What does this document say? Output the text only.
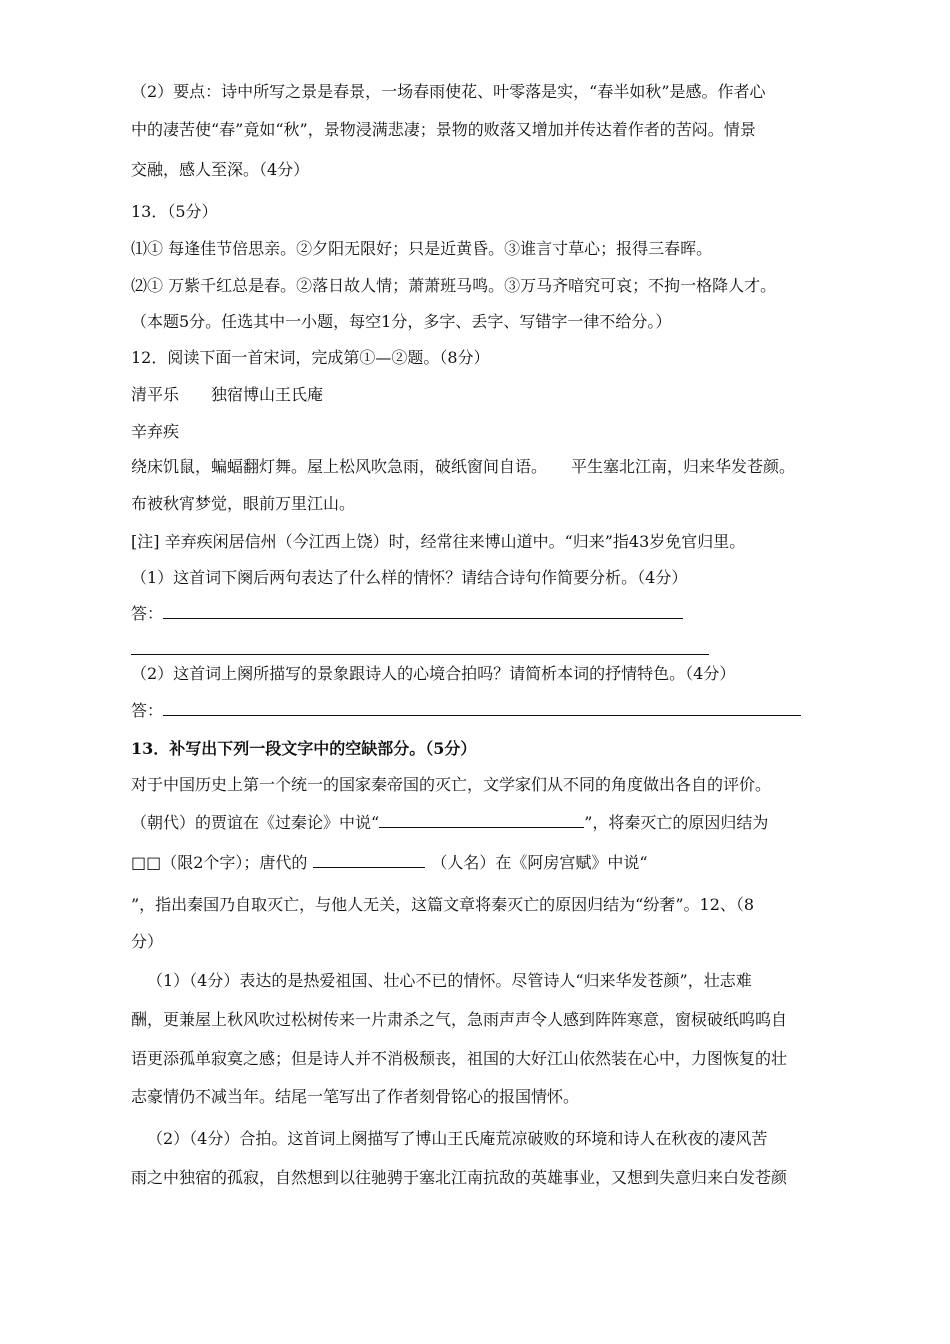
（2）要点：诗中所写之景是春景，一场春雨使花、叶零落是实，“春半如秋”是感。作者心
中的凄苦使“春”竟如“秋”，景物浸满悲凄；景物的败落又增加并传达着作者的苦闷。情景
交融，感人至深。（4分）
13．（5分）
⑴① 每逢佳节倍思亲。②夕阳无限好；只是近黄昏。③谁言寸草心；报得三春晖。
⑵① 万紫千红总是春。②落日故人情；萧萧班马鸣。③万马齐喑究可哀；不拘一格降人才。
（本题5分。任选其中一小题，每空1分，多字、丢字、写错字一律不给分。）
12．阅读下面一首宋词，完成第①—②题。（8分）
清平乐　　独宿博山王氏庵
辛弃疾
绕床饥鼠，蝙蝠翻灯舞。屋上松风吹急雨，破纸窗间自语。　　平生塞北江南，归来华发苍颜。
布被秋宵梦觉，眼前万里江山。
[注] 辛弃疾闲居信州（今江西上饶）时，经常往来博山道中。“归来”指43岁免官归里。
（1）这首词下阕后两句表达了什么样的情怀？请结合诗句作简要分析。（4分）
答：
（2）这首词上阕所描写的景象跟诗人的心境合拍吗？请简析本词的抒情特色。（4分）
答：
13．补写出下列一段文字中的空缺部分。（5分）
对于中国历史上第一个统一的国家秦帝国的灭亡，文学家们从不同的角度做出各自的评价。
（朝代）的贾谊在《过秦论》中说“	”，将秦灭亡的原因归结为
□□（限2个字）；唐代的	（人名）在《阿房宫赋》中说“
”，指出秦国乃自取灭亡，与他人无关，这篇文章将秦灭亡的原因归结为“纷奢”。12、（8
分）
（1）（4分）表达的是热爱祖国、壮心不已的情怀。尽管诗人“归来华发苍颜”，壮志难
酬，更兼屋上秋风吹过松树传来一片肃杀之气，急雨声声令人感到阵阵寒意，窗棂破纸呜呜自
语更添孤单寂寞之感；但是诗人并不消极颓丧，祖国的大好江山依然装在心中，力图恢复的壮
志豪情仍不减当年。结尾一笔写出了作者刻骨铭心的报国情怀。
（2）（4分）合拍。这首词上阕描写了博山王氏庵荒凉破败的环境和诗人在秋夜的凄风苦
雨之中独宿的孤寂，自然想到以往驰骋于塞北江南抗敌的英雄事业，又想到失意归来白发苍颜
